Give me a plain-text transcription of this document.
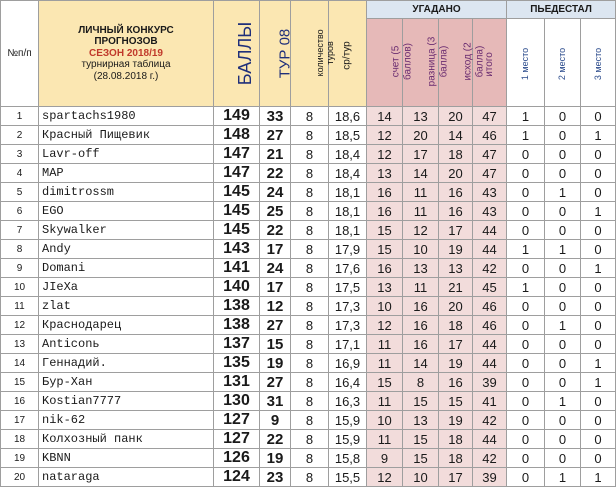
№п/п	ЛИЧНЫЙ КОНКУРС
ПРОГНОЗОВ
СЕЗОН 2018/19
турнирная таблица
(28.08.2018 г.)	БАЛЛЫ	ТУР 08	количество туров	ср/тур	УГАДАНО				ПЬЕДЕСТАЛ		
						счет (5 баллов)	разница (3 балла)	исход (2 балла)	итого	1 место	2 место	3 место
1	spartachs1980	149	33	8	18,6	14	13	20	47	1	0	0
2	Красный Пищевик	148	27	8	18,5	12	20	14	46	1	0	1
3	Lavr-off	147	21	8	18,4	12	17	18	47	0	0	0
4	MAP	147	22	8	18,4	13	14	20	47	0	0	0
5	dimitrossm	145	24	8	18,1	16	11	16	43	0	1	0
6	EGO	145	25	8	18,1	16	11	16	43	0	0	1
7	Skywalker	145	22	8	18,1	15	12	17	44	0	0	0
8	Andy	143	17	8	17,9	15	10	19	44	1	1	0
9	Domani	141	24	8	17,6	16	13	13	42	0	0	1
10	JIeXa	140	17	8	17,5	13	11	21	45	1	0	0
11	zlat	138	12	8	17,3	10	16	20	46	0	0	0
12	Краснодарец	138	27	8	17,3	12	16	18	46	0	1	0
13	Anticonь	137	15	8	17,1	11	16	17	44	0	0	0
14	Геннадий.	135	19	8	16,9	11	14	19	44	0	0	1
15	Бур-Хан	131	27	8	16,4	15	8	16	39	0	0	1
16	Kostian7777	130	31	8	16,3	11	15	15	41	0	1	0
17	nik-62	127	9	8	15,9	10	13	19	42	0	0	0
18	Колхозный панк	127	22	8	15,9	11	15	18	44	0	0	0
19	KBNN	126	19	8	15,8	9	15	18	42	0	0	0
20	nataraga	124	23	8	15,5	12	10	17	39	0	1	1
